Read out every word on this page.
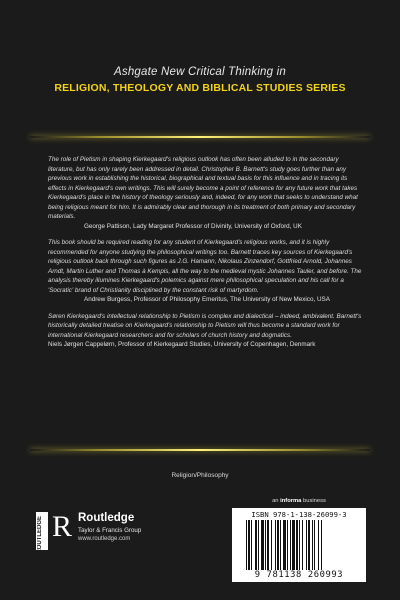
Ashgate New Critical Thinking in
RELIGION, THEOLOGY AND BIBLICAL STUDIES SERIES

The role of Pietism in shaping Kierkegaard's religious outlook has often been alluded to in the secondary literature, but has only rarely been addressed in detail. Christopher B. Barnett's study goes further than any previous work in establishing the historical, biographical and textual basis for this influence and in tracing its effects in Kierkegaard's own writings. This will surely become a point of reference for any future work that takes Kierkegaard's place in the history of theology seriously and, indeed, for any work that seeks to understand what being religious meant for him. It is admirably clear and thorough in its treatment of both primary and secondary materials.

George Pattison, Lady Margaret Professor of Divinity, University of Oxford, UK

This book should be required reading for any student of Kierkegaard's religious works, and it is highly recommended for anyone studying the philosophical writings too. Barnett traces key sources of Kierkegaard's religious outlook back through such figures as J.G. Hamann, Nikolaus Zinzendorf, Gottfried Arnold, Johannes Arndt, Martin Luther and Thomas à Kempis, all the way to the medieval mystic Johannes Tauler, and before. The analysis thereby illumines Kierkegaard's polemics against mere philosophical speculation and his call for a 'Socratic' brand of Christianity disciplined by the constant risk of martyrdom.

Andrew Burgess, Professor of Philosophy Emeritus, The University of New Mexico, USA

Søren Kierkegaard's intellectual relationship to Pietism is complex and dialectical – indeed, ambivalent. Barnett's historically detailed treatise on Kierkegaard's relationship to Pietism will thus become a standard work for international Kierkegaard researchers and for scholars of church history and dogmatics.

Niels Jørgen Cappelørn, Professor of Kierkegaard Studies, University of Copenhagen, Denmark

Religion/Philosophy
ROUTLEDGE R Routledge
Taylor & Francis Group
www.routledge.com
an informa business
ISBN 978-1-138-26099-3
9 781138 260993
